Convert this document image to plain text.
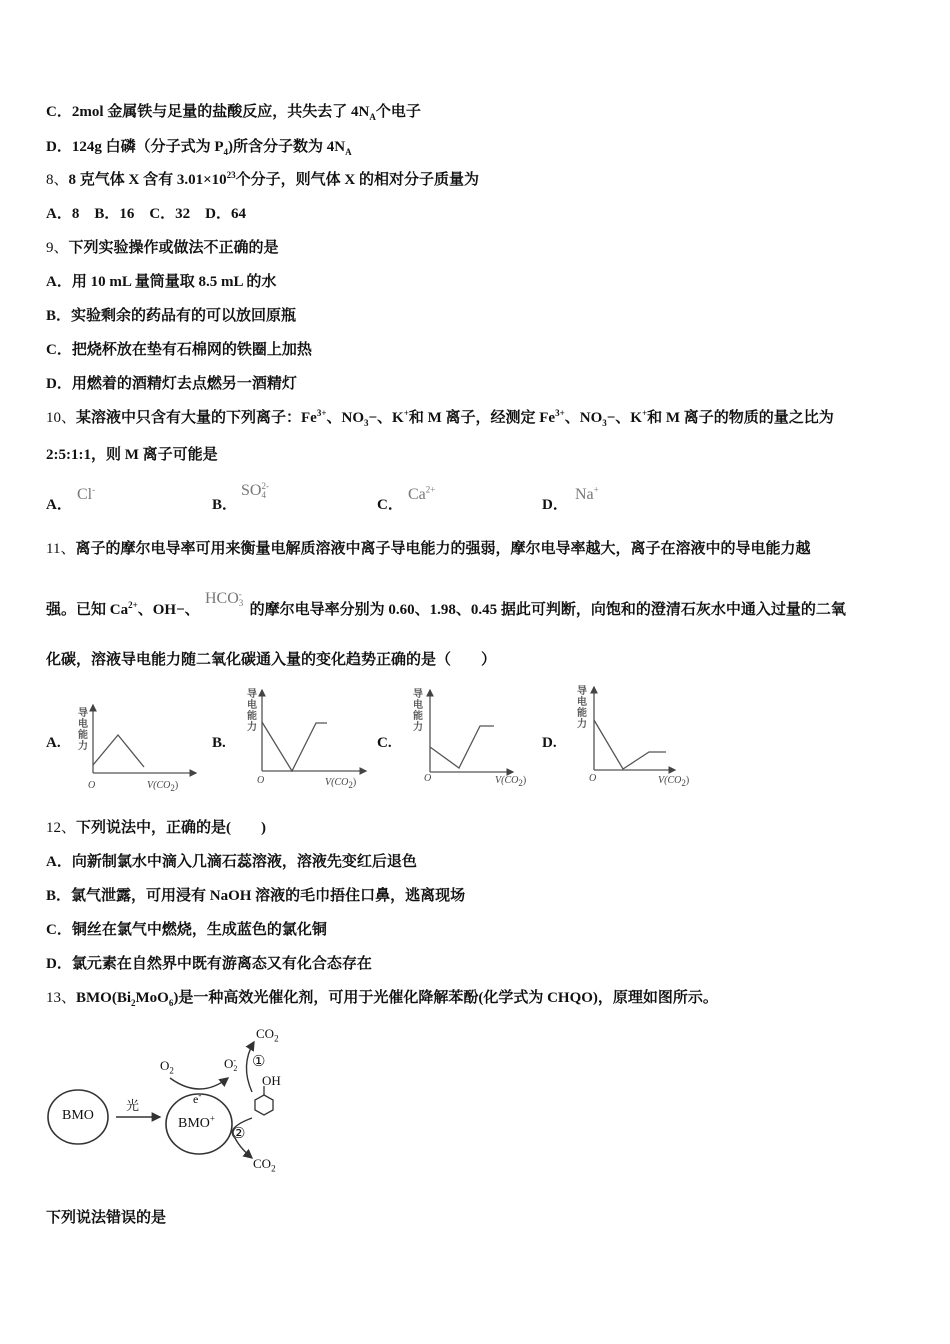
C．2mol 金属铁与足量的盐酸反应，共失去了 $4N_A$个电子
D．124g 白磷（分子式为 $P_4$)所含分子数为 $4N_A$
8、8 克气体 X 含有 $3.01\times 10^{23}$个分子，则气体 X 的相对分子质量为
A．8　B．16　C．32　D．64
9、下列实验操作或做法不正确的是
A．用 10 mL 量筒量取 8.5 mL 的水
B．实验剩余的药品有的可以放回原瓶
C．把烧杯放在垫有石棉网的铁圈上加热
D．用燃着的酒精灯去点燃另一酒精灯
10、某溶液中只含有大量的下列离子：$Fe^{3+}$、$NO_3-$、K+和 M 离子，经测定 $Fe^{3+}$、$NO_3-$、K+和 M 离子的物质的量之比为
2:5:1:1，则 M 离子可能是
A．
Cl-
B．
SO 2-
4
C．
$Ca^{2+}$
D．
Na+
11、离子的摩尔电导率可用来衡量电解质溶液中离子导电能力的强弱，摩尔电导率越大，离子在溶液中的导电能力越
强。已知 $Ca^{2+}$、OH−、	的摩尔电导率分别为 0.60、1.98、0.45 据此可判断，向饱和的澄清石灰水中通入过量的二氧
HCO -
3
化碳，溶液导电能力随二氧化碳通入量的变化趋势正确的是（　　）
A.	B.	C.	D.
导电能力
导电能力
导电能力
导电能力
O	O	O	O
$V(CO_2)$	$V(CO_2)$	$V(CO_2)$	$V(CO_2)$
12、下列说法中，正确的是(　　)
A．向新制氯水中滴入几滴石蕊溶液，溶液先变红后退色
B．氯气泄露，可用浸有 NaOH 溶液的毛巾捂住口鼻，逃离现场
C．铜丝在氯气中燃烧，生成蓝色的氯化铜
D．氯元素在自然界中既有游离态又有化合态存在
13、$BMO(Bi_2MoO_6)$是一种高效光催化剂，可用于光催化降解苯酚(化学式为 CHQO)，原理如图所示。
BMO
光
BMO+
e-
$O_2$	O -
2 ①
②
$CO_2$
OH
$CO_2$
下列说法错误的是
